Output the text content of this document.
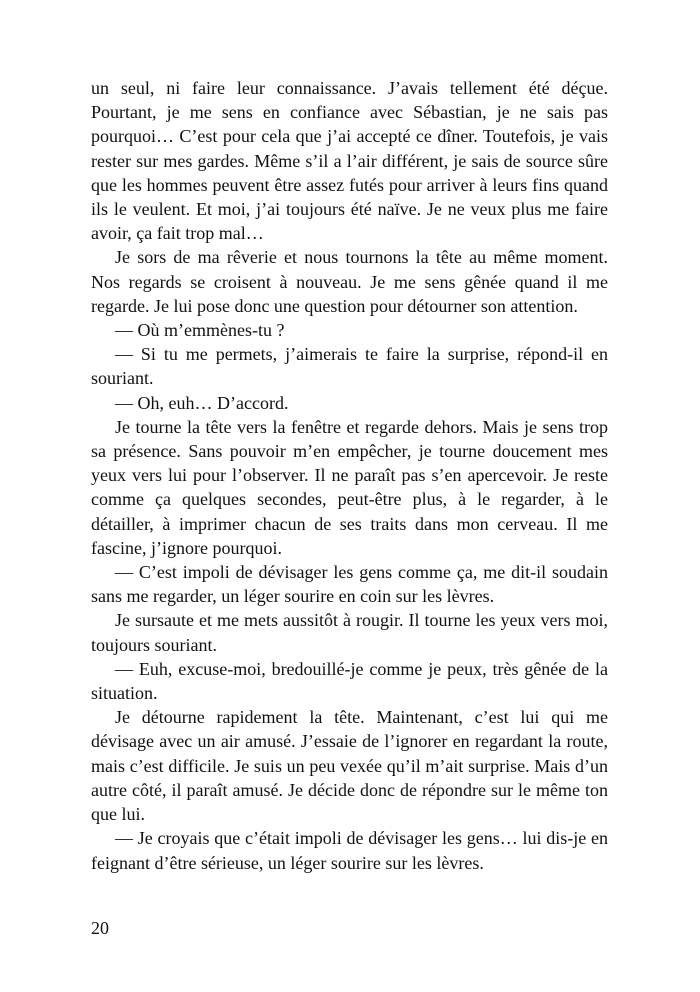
un seul, ni faire leur connaissance. J’avais tellement été déçue. Pourtant, je me sens en confiance avec Sébastian, je ne sais pas pourquoi… C’est pour cela que j’ai accepté ce dîner. Toutefois, je vais rester sur mes gardes. Même s’il a l’air différent, je sais de source sûre que les hommes peuvent être assez futés pour arriver à leurs fins quand ils le veulent. Et moi, j’ai toujours été naïve. Je ne veux plus me faire avoir, ça fait trop mal…

Je sors de ma rêverie et nous tournons la tête au même moment. Nos regards se croisent à nouveau. Je me sens gênée quand il me regarde. Je lui pose donc une question pour détourner son attention.

— Où m’emmènes-tu ?

— Si tu me permets, j’aimerais te faire la surprise, répond-il en souriant.

— Oh, euh… D’accord.

Je tourne la tête vers la fenêtre et regarde dehors. Mais je sens trop sa présence. Sans pouvoir m’en empêcher, je tourne doucement mes yeux vers lui pour l’observer. Il ne paraît pas s’en apercevoir. Je reste comme ça quelques secondes, peut-être plus, à le regarder, à le détailler, à imprimer chacun de ses traits dans mon cerveau. Il me fascine, j’ignore pourquoi.

— C’est impoli de dévisager les gens comme ça, me dit-il soudain sans me regarder, un léger sourire en coin sur les lèvres.

Je sursaute et me mets aussitôt à rougir. Il tourne les yeux vers moi, toujours souriant.

— Euh, excuse-moi, bredouillé-je comme je peux, très gênée de la situation.

Je détourne rapidement la tête. Maintenant, c’est lui qui me dévisage avec un air amusé. J’essaie de l’ignorer en regardant la route, mais c’est difficile. Je suis un peu vexée qu’il m’ait surprise. Mais d’un autre côté, il paraît amusé. Je décide donc de répondre sur le même ton que lui.

— Je croyais que c’était impoli de dévisager les gens… lui dis-je en feignant d’être sérieuse, un léger sourire sur les lèvres.

20
